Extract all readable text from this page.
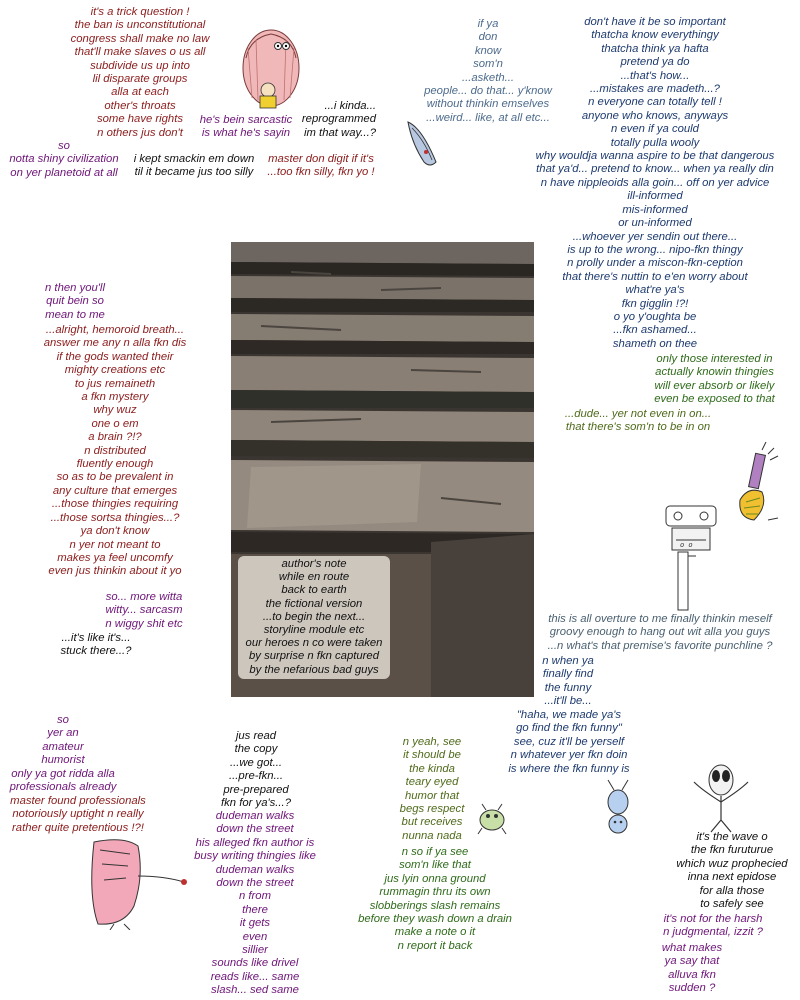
it's a trick question !
the ban is unconstitutional
congress shall make no law
that'll make slaves o us all
subdivide us up into
lil disparate groups
alla at each
other's throats
some have rights
n others jus don't
he's bein sarcastic
is what he's sayin
...i kinda...
reprogrammed
im that way...?
so
notta shiny civilization
on yer planetoid at all
i kept smackin em down
til it became jus too silly
master don digit if it's
...too fkn silly, fkn yo !
if ya
don
know
som'n
...asketh...
people... do that... y'know
without thinkin emselves
...weird... like, at all etc...
don't have it be so important
thatcha know everythingy
thatcha think ya hafta
pretend ya do
...that's how...
...mistakes are madeth...?
n everyone can totally tell !
anyone who knows, anyways
n even if ya could
totally pulla wooly
why wouldja wanna aspire to be that dangerous
that ya'd... pretend to know... when ya really din
n have nippleoids alla goin... off on yer advice
ill-informed
mis-informed
or un-informed
...whoever yer sendin out there...
is up to the wrong... nipo-fkn thingy
n prolly under a miscon-fkn-ception
that there's nuttin to e'en worry about
what're ya's
fkn gigglin !?!
o yo y'oughta be
...fkn ashamed...
shameth on thee
only those interested in
actually knowin thingies
will ever absorb or likely
even be exposed to that
...dude... yer not even in on...
that there's som'n to be in on
n then you'll
quit bein so
mean to me
...alright, hemoroid breath...
answer me any n alla fkn dis
if the gods wanted their
mighty creations etc
to jus remaineth
a fkn mystery
why wuz
one o em
a brain ?!?
n distributed
fluently enough
so as to be prevalent in
any culture that emerges
...those thingies requiring
...those sortsa thingies...?
ya don't know
n yer not meant to
makes ya feel uncomfy
even jus thinkin about it yo
so... more witta
witty... sarcasm
n wiggy shit etc
...it's like it's...
stuck there...?
author's note
while en route
back to earth
the fictional version
...to begin the next...
storyline module etc
our heroes n co were taken
by surprise n fkn captured
by the nefarious bad guys
o o
this is all overture to me finally thinkin meself
groovy enough to hang out wit alla you guys
...n what's that premise's favorite punchline ?
n when ya
finally find
the funny
...it'll be...
"haha, we made ya's
go find the fkn funny"
see, cuz it'll be yerself
n whatever yer fkn doin
is where the fkn funny is
so
yer an
amateur
humorist
only ya got ridda alla
professionals already
master found professionals
notoriously uptight n really
rather quite pretentious !?!
jus read
the copy
...we got...
...pre-fkn...
pre-prepared
fkn for ya's...?
dudeman walks
down the street
his alleged fkn author is
busy writing thingies like
dudeman walks
down the street
n from
there
it gets
even
sillier
sounds like drivel
reads like... same
slash... sed same
n yeah, see
it should be
the kinda
teary eyed
humor that
begs respect
but receives
nunna nada
n so if ya see
som'n like that
jus lyin onna ground
rummagin thru its own
slobberings slash remains
before they wash down a drain
make a note o it
n report it back
it's the wave o
the fkn furuturue
which wuz prophecied
inna next epidose
for alla those
to safely see
it's not for the harsh
n judgmental, izzit ?
what makes
ya say that
alluva fkn
sudden ?
